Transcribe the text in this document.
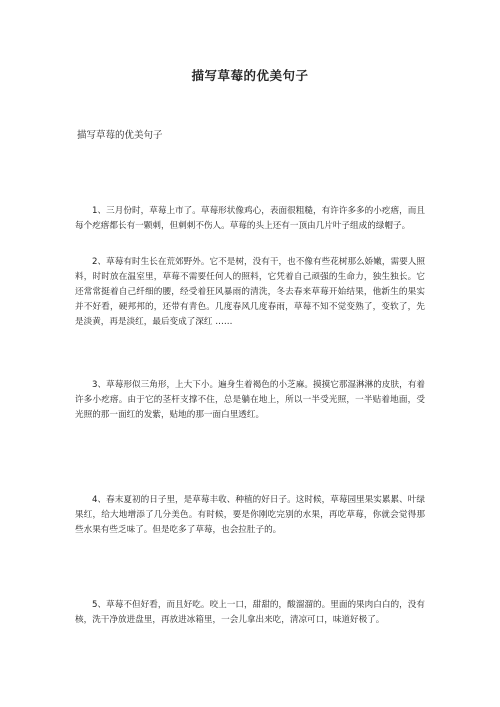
描写草莓的优美句子
描写草莓的优美句子

1、三月份时，草莓上市了。草莓形状像鸡心，表面很粗糙，有许许多多的小疙瘩，而且每个疙瘩都长有一颗刺，但刺刺不伤人。草莓的头上还有一顶由几片叶子组成的绿帽子。

2、草莓有时生长在荒郊野外。它不是树，没有干，也不像有些花树那么娇嫩，需要人照料，时时放在温室里，草莓不需要任何人的照料，它凭着自己顽强的生命力，独生独长。它还常常挺着自己纤细的腰，经受着狂风暴雨的清洗，冬去春来草莓开始结果，他新生的果实并不好看，硬邦邦的，还带有青色。几度春风几度春雨，草莓不知不觉变熟了，变软了，先是淡黄，再是淡红，最后变成了深红 ……

3、草莓形似三角形，上大下小。遍身生着褐色的小芝麻。摸摸它那湿淋淋的皮肤，有着许多小疙瘩。由于它的茎杆支撑不住，总是躺在地上，所以一半受光照，一半贴着地面，受光照的那一面红的发紫，贴地的那一面白里透红。

4、春末夏初的日子里，是草莓丰收、种植的好日子。这时候，草莓园里果实累累、叶绿果红，给大地增添了几分美色。有时候，要是你刚吃完别的水果，再吃草莓，你就会觉得那些水果有些乏味了。但是吃多了草莓，也会拉肚子的。

5、草莓不但好看，而且好吃。咬上一口，甜甜的，酸溜溜的。里面的果肉白白的，没有核，洗干净放进盘里，再放进冰箱里，一会儿拿出来吃，清凉可口，味道好极了。
